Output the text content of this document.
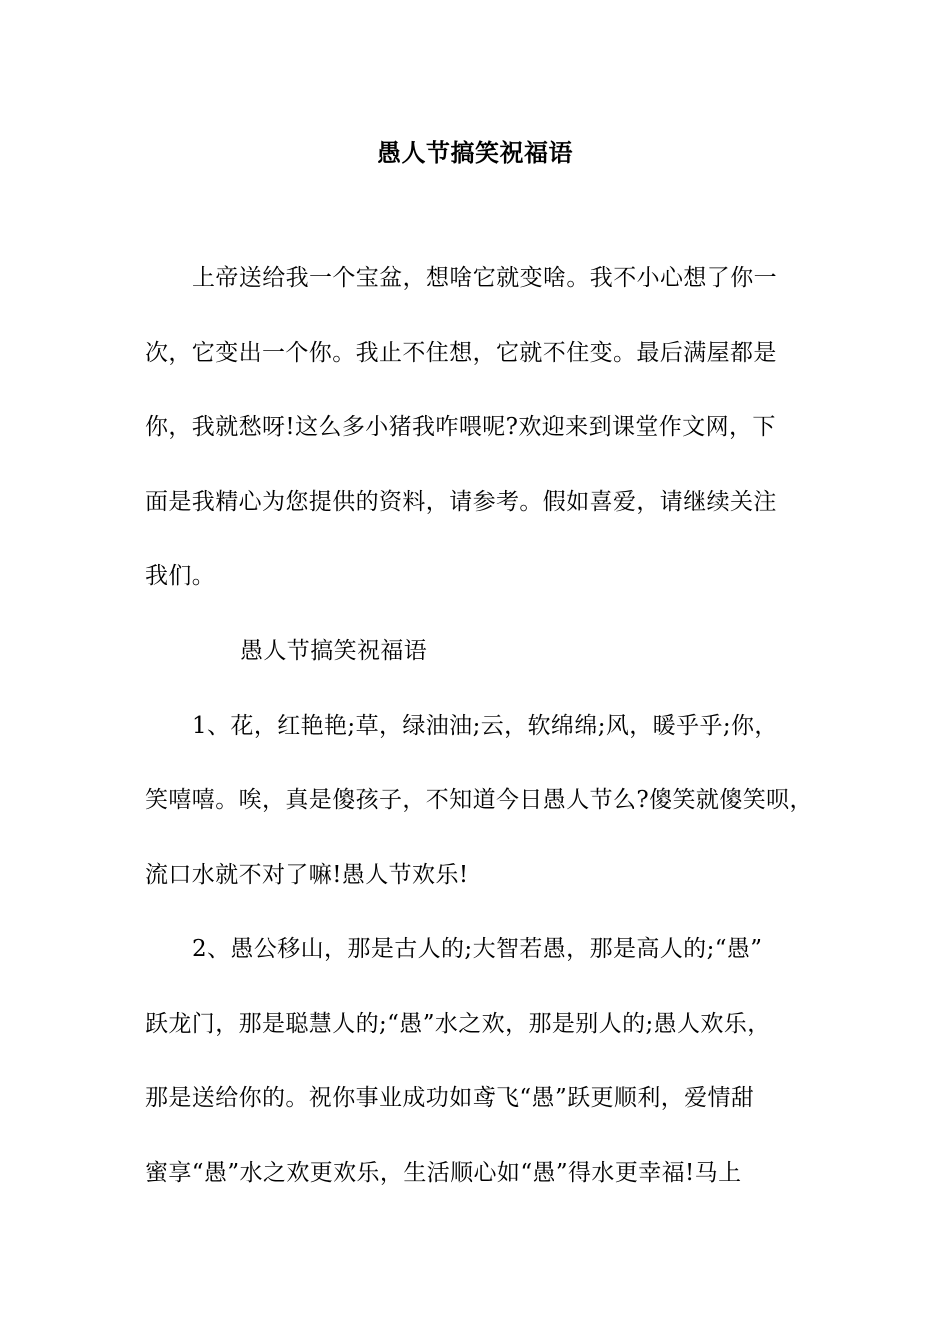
愚人节搞笑祝福语
上帝送给我一个宝盆，想啥它就变啥。我不小心想了你一
次，它变出一个你。我止不住想，它就不住变。最后满屋都是
你，我就愁呀!这么多小猪我咋喂呢?欢迎来到课堂作文网，下
面是我精心为您提供的资料，请参考。假如喜爱，请继续关注
我们。
愚人节搞笑祝福语
1、花，红艳艳;草，绿油油;云，软绵绵;风，暖乎乎;你，
笑嘻嘻。唉，真是傻孩子，不知道今日愚人节么?傻笑就傻笑呗，
流口水就不对了嘛!愚人节欢乐!
2、愚公移山，那是古人的;大智若愚，那是高人的;“愚”
跃龙门，那是聪慧人的;“愚”水之欢，那是别人的;愚人欢乐，
那是送给你的。祝你事业成功如鸢飞“愚”跃更顺利，爱情甜
蜜享“愚”水之欢更欢乐，生活顺心如“愚”得水更幸福!马上
